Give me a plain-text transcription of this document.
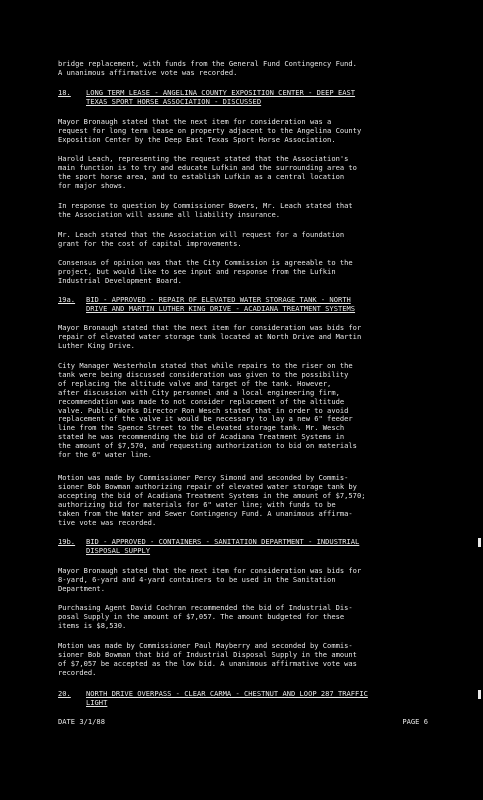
bridge replacement, with funds from the General Fund Contingency Fund.

A unanimous affirmative vote was recorded.

18. LONG TERM LEASE - ANGELINA COUNTY EXPOSITION CENTER - DEEP EAST

TEXAS SPORT HORSE ASSOCIATION - DISCUSSED

Mayor Bronaugh stated that the next item for consideration was a

request for long term lease on property adjacent to the Angelina County

Exposition Center by the Deep East Texas Sport Horse Association.

Harold Leach, representing the request stated that the Association's

main function is to try and educate Lufkin and the surrounding area to

the sport horse area, and to establish Lufkin as a central location

for major shows.

In response to question by Commissioner Bowers, Mr. Leach stated that

the Association will assume all liability insurance.

Mr. Leach stated that the Association will request for a foundation

grant for the cost of capital improvements.

Consensus of opinion was that the City Commission is agreeable to the

project, but would like to see input and response from the Lufkin

Industrial Development Board.

19a. BID - APPROVED - REPAIR OF ELEVATED WATER STORAGE TANK - NORTH

DRIVE AND MARTIN LUTHER KING DRIVE - ACADIANA TREATMENT SYSTEMS

Mayor Bronaugh stated that the next item for consideration was bids for

repair of elevated water storage tank located at North Drive and Martin

Luther King Drive.

City Manager Westerholm stated that while repairs to the riser on the

tank were being discussed consideration was given to the possibility

of replacing the altitude valve and target of the tank. However,

after discussion with City personnel and a local engineering firm,

recommendation was made to not consider replacement of the altitude

valve. Public Works Director Ron Wesch stated that in order to avoid

replacement of the valve it would be necessary to lay a new 6" feeder

line from the Spence Street to the elevated storage tank. Mr. Wesch

stated he was recommending the bid of Acadiana Treatment Systems in

the amount of $7,570, and requesting authorization to bid on materials

for the 6" water line.

Motion was made by Commissioner Percy Simond and seconded by Commis-

sioner Bob Bowman authorizing repair of elevated water storage tank by

accepting the bid of Acadiana Treatment Systems in the amount of $7,570;

authorizing bid for materials for 6" water line; with funds to be

taken from the Water and Sewer Contingency Fund. A unanimous affirma-

tive vote was recorded.

19b. BID - APPROVED - CONTAINERS - SANITATION DEPARTMENT - INDUSTRIAL

DISPOSAL SUPPLY

Mayor Bronaugh stated that the next item for consideration was bids for

8-yard, 6-yard and 4-yard containers to be used in the Sanitation

Department.

Purchasing Agent David Cochran recommended the bid of Industrial Dis-

posal Supply in the amount of $7,057. The amount budgeted for these

items is $8,530.

Motion was made by Commissioner Paul Mayberry and seconded by Commis-

sioner Bob Bowman that bid of Industrial Disposal Supply in the amount

of $7,057 be accepted as the low bid. A unanimous affirmative vote was

recorded.

20. NORTH DRIVE OVERPASS - CLEAR CARMA - CHESTNUT AND LOOP 287 TRAFFIC

LIGHT

DATE 3/1/88	PAGE 6
